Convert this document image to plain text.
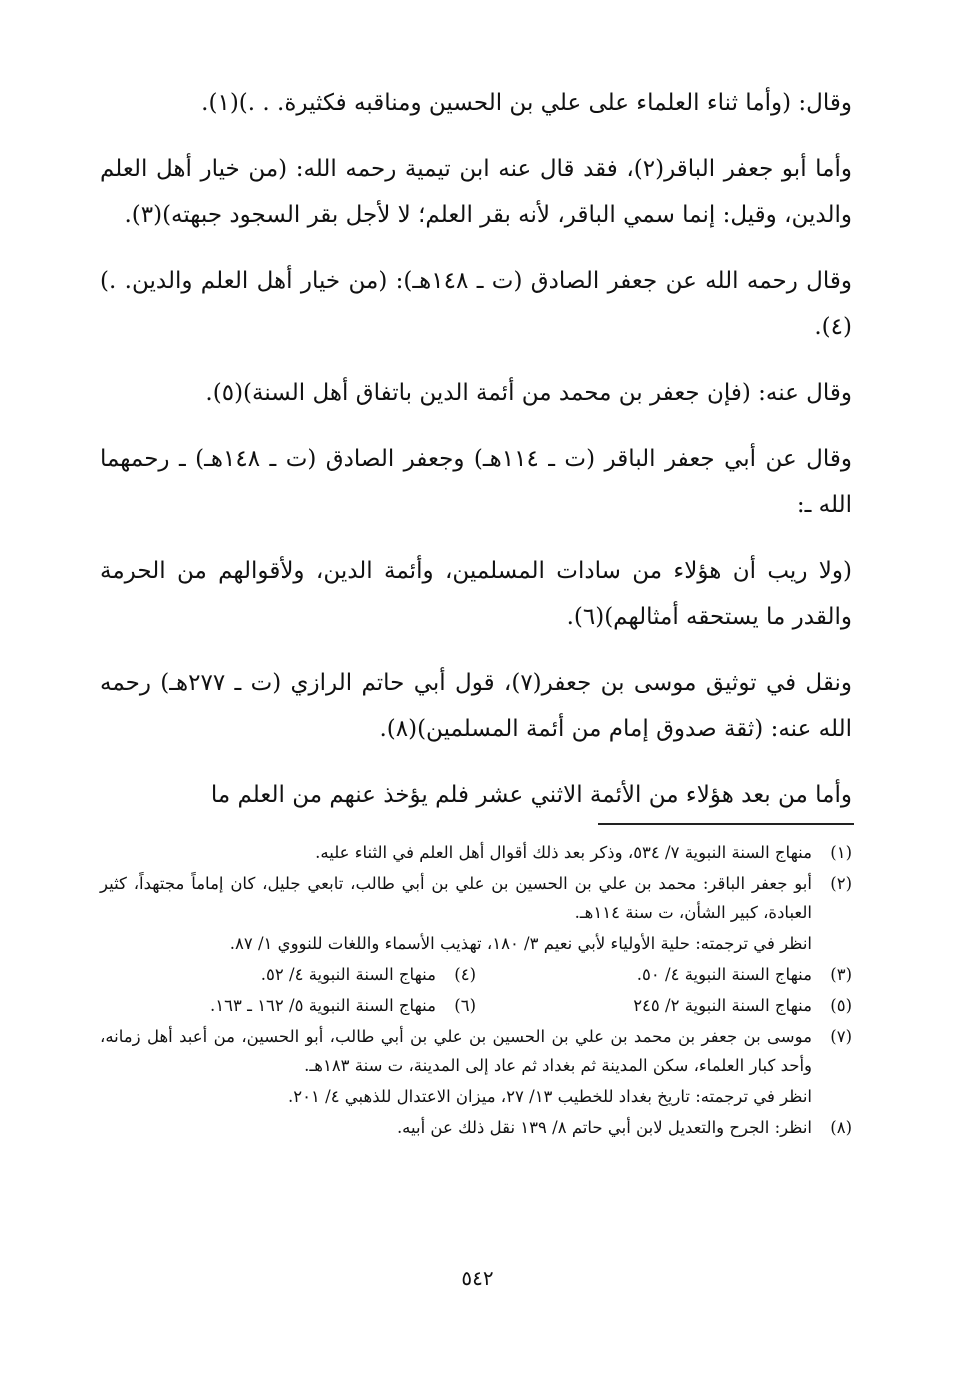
وقال: (وأما ثناء العلماء على علي بن الحسين ومناقبه فكثيرة. . .)(١).

وأما أبو جعفر الباقر(٢)، فقد قال عنه ابن تيمية رحمه الله: (من خيار أهل العلم والدين، وقيل: إنما سمي الباقر، لأنه بقر العلم؛ لا لأجل بقر السجود جبهته)(٣).

وقال رحمه الله عن جعفر الصادق (ت ـ ١٤٨هـ): (من خيار أهل العلم والدين. .)(٤).

وقال عنه: (فإن جعفر بن محمد من أئمة الدين باتفاق أهل السنة)(٥).

وقال عن أبي جعفر الباقر (ت ـ ١١٤هـ) وجعفر الصادق (ت ـ ١٤٨هـ) ـ رحمهما الله ـ:

(ولا ريب أن هؤلاء من سادات المسلمين، وأئمة الدين، ولأقوالهم من الحرمة والقدر ما يستحقه أمثالهم)(٦).

ونقل في توثيق موسى بن جعفر(٧)، قول أبي حاتم الرازي (ت ـ ٢٧٧هـ) رحمه الله عنه: (ثقة صدوق إمام من أئمة المسلمين)(٨).

وأما من بعد هؤلاء من الأئمة الاثني عشر فلم يؤخذ عنهم من العلم ما

(١)
منهاج السنة النبوية ٧/ ٥٣٤، وذكر بعد ذلك أقوال أهل العلم في الثناء عليه.
(٢)
أبو جعفر الباقر: محمد بن علي بن الحسين بن علي بن أبي طالب، تابعي جليل، كان إماماً مجتهداً، كثير العبادة، كبير الشأن، ت سنة ١١٤هـ.
انظر في ترجمته: حلية الأولياء لأبي نعيم ٣/ ١٨٠، تهذيب الأسماء واللغات للنووي ١/ ٨٧.
(٣)
منهاج السنة النبوية ٤/ ٥٠.
(٤)
منهاج السنة النبوية ٤/ ٥٢.
(٥)
منهاج السنة النبوية ٢/ ٢٤٥
(٦)
منهاج السنة النبوية ٥/ ١٦٢ ـ ١٦٣.
(٧)
موسى بن جعفر بن محمد بن علي بن الحسين بن علي بن أبي طالب، أبو الحسين، من أعبد أهل زمانه، وأحد كبار العلماء، سكن المدينة ثم بغداد ثم عاد إلى المدينة، ت سنة ١٨٣هـ.
انظر في ترجمته: تاريخ بغداد للخطيب ١٣/ ٢٧، ميزان الاعتدال للذهبي ٤/ ٢٠١.
(٨)
انظر: الجرح والتعديل لابن أبي حاتم ٨/ ١٣٩ نقل ذلك عن أبيه.
٥٤٢
